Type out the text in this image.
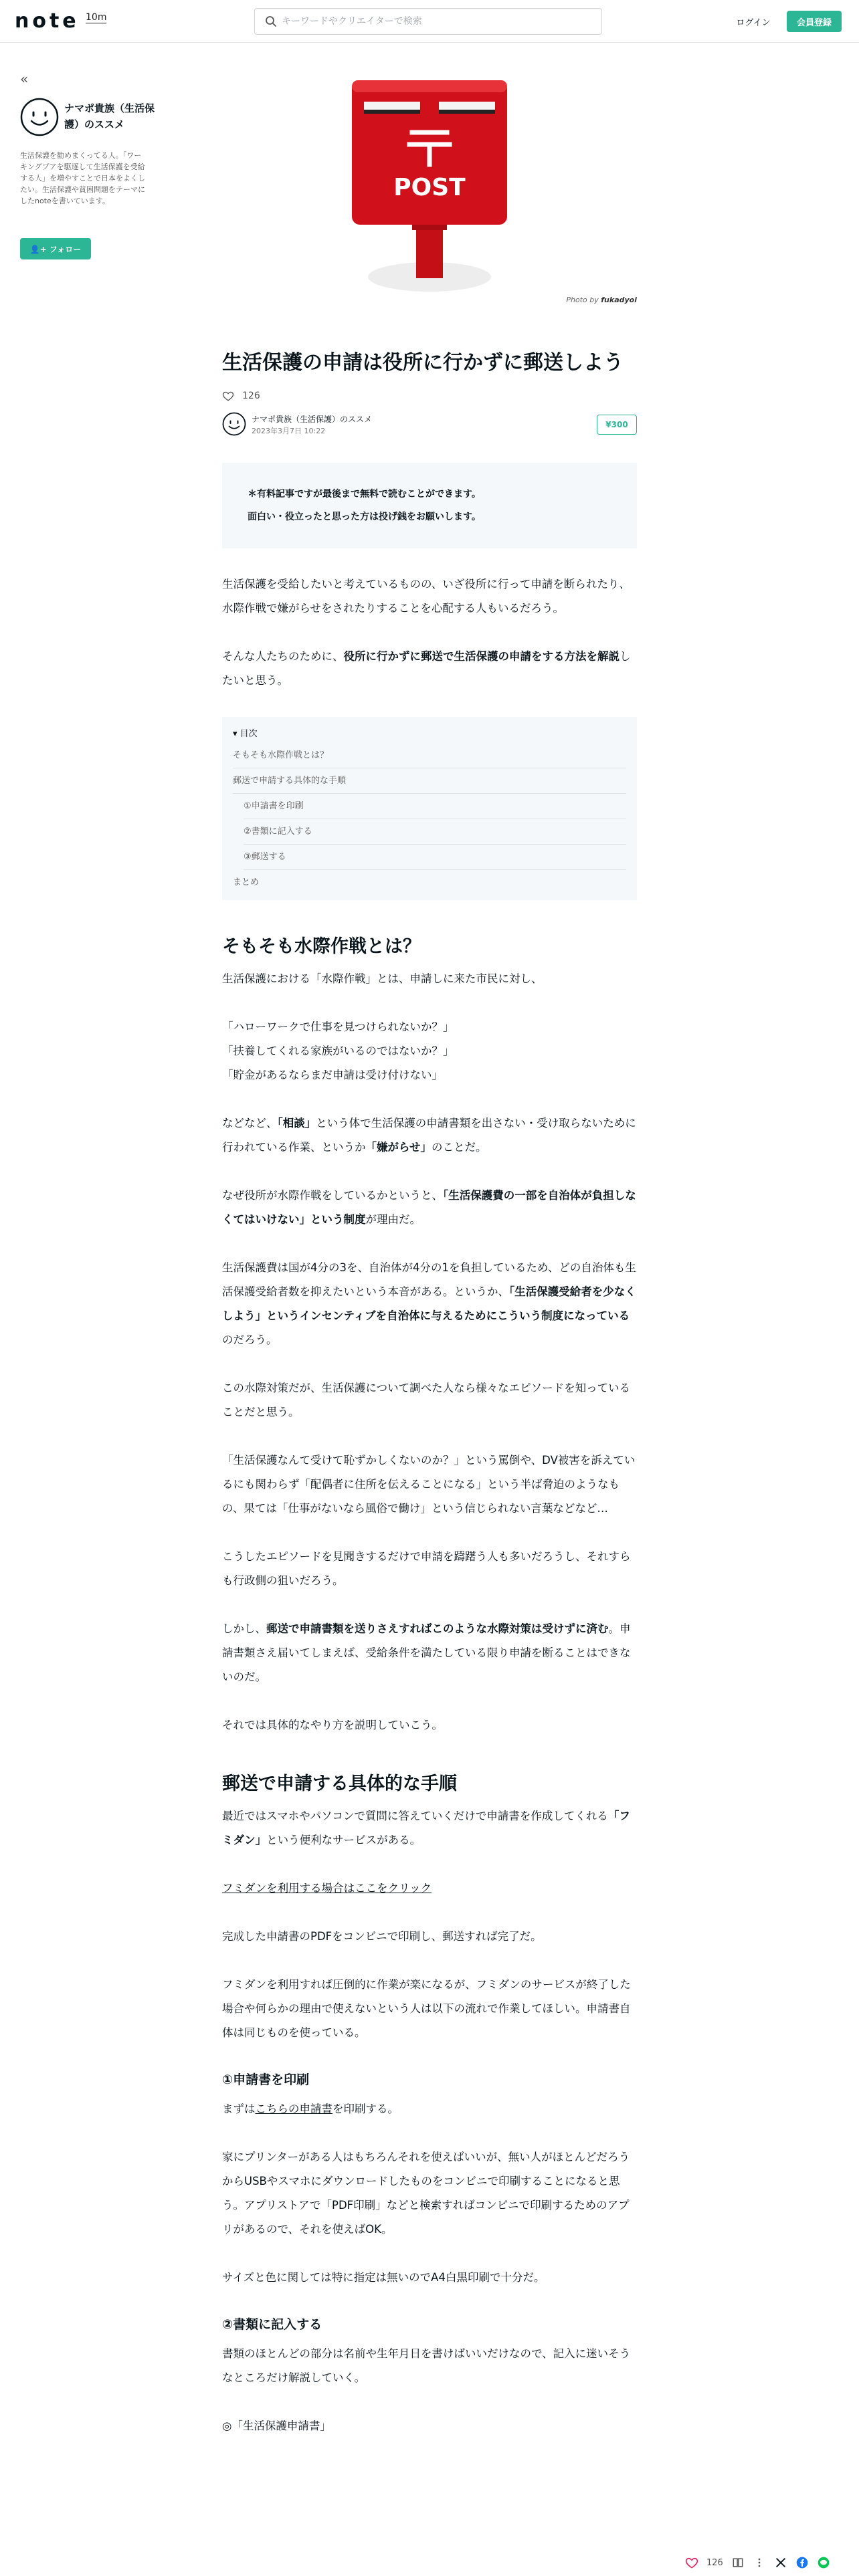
note 10m
キーワードやクリエイターで検索	ログイン	会員登録
«
ナマポ貴族（生活保護）のススメ
生活保護を勧めまくってる人。「ワーキングプアを駆逐して生活保護を受給する人」を増やすことで日本をよくしたい。生活保護や貧困問題をテーマにしたnoteを書いています。
👤+ フォロー
POST
Photo by fukadyoi
生活保護の申請は役所に行かずに郵送しよう
126
ナマポ貴族（生活保護）のススメ
2023年3月7日 10:22
¥300
＊有料記事ですが最後まで無料で読むことができます。
面白い・役立ったと思った方は投げ銭をお願いします。

生活保護を受給したいと考えているものの、いざ役所に行って申請を断られたり、水際作戦で嫌がらせをされたりすることを心配する人もいるだろう。

そんな人たちのために、役所に行かずに郵送で生活保護の申請をする方法を解説したいと思う。

▾ 目次
そもそも水際作戦とは？
郵送で申請する具体的な手順
①申請書を印刷
②書類に記入する
③郵送する
まとめ
そもそも水際作戦とは？

生活保護における「水際作戦」とは、申請しに来た市民に対し、

「ハローワークで仕事を見つけられないか？」

「扶養してくれる家族がいるのではないか？」

「貯金があるならまだ申請は受け付けない」

などなど、「相談」という体で生活保護の申請書類を出さない・受け取らないために行われている作業、というか「嫌がらせ」のことだ。

なぜ役所が水際作戦をしているかというと、「生活保護費の一部を自治体が負担しなくてはいけない」という制度が理由だ。

生活保護費は国が4分の3を、自治体が4分の1を負担しているため、どの自治体も生活保護受給者数を抑えたいという本音がある。というか、「生活保護受給者を少なくしよう」というインセンティブを自治体に与えるためにこういう制度になっているのだろう。

この水際対策だが、生活保護について調べた人なら様々なエピソードを知っていることだと思う。

「生活保護なんて受けて恥ずかしくないのか？」という罵倒や、DV被害を訴えているにも関わらず「配偶者に住所を伝えることになる」という半ば脅迫のようなもの、果ては「仕事がないなら風俗で働け」という信じられない言葉などなど…

こうしたエピソードを見聞きするだけで申請を躊躇う人も多いだろうし、それすらも行政側の狙いだろう。

しかし、郵送で申請書類を送りさえすればこのような水際対策は受けずに済む。申請書類さえ届いてしまえば、受給条件を満たしている限り申請を断ることはできないのだ。

それでは具体的なやり方を説明していこう。

郵送で申請する具体的な手順

最近ではスマホやパソコンで質問に答えていくだけで申請書を作成してくれる「フミダン」という便利なサービスがある。

フミダンを利用する場合はここをクリック

完成した申請書のPDFをコンビニで印刷し、郵送すれば完了だ。

フミダンを利用すれば圧倒的に作業が楽になるが、フミダンのサービスが終了した場合や何らかの理由で使えないという人は以下の流れで作業してほしい。申請書自体は同じものを使っている。

①申請書を印刷

まずはこちらの申請書を印刷する。

家にプリンターがある人はもちろんそれを使えばいいが、無い人がほとんどだろうからUSBやスマホにダウンロードしたものをコンビニで印刷することになると思う。アプリストアで「PDF印刷」などと検索すればコンビニで印刷するためのアプリがあるので、それを使えばOK。

サイズと色に関しては特に指定は無いのでA4白黒印刷で十分だ。

②書類に記入する

書類のほとんどの部分は名前や生年月日を書けばいいだけなので、記入に迷いそうなところだけ解説していく。

◎「生活保護申請書」

126
